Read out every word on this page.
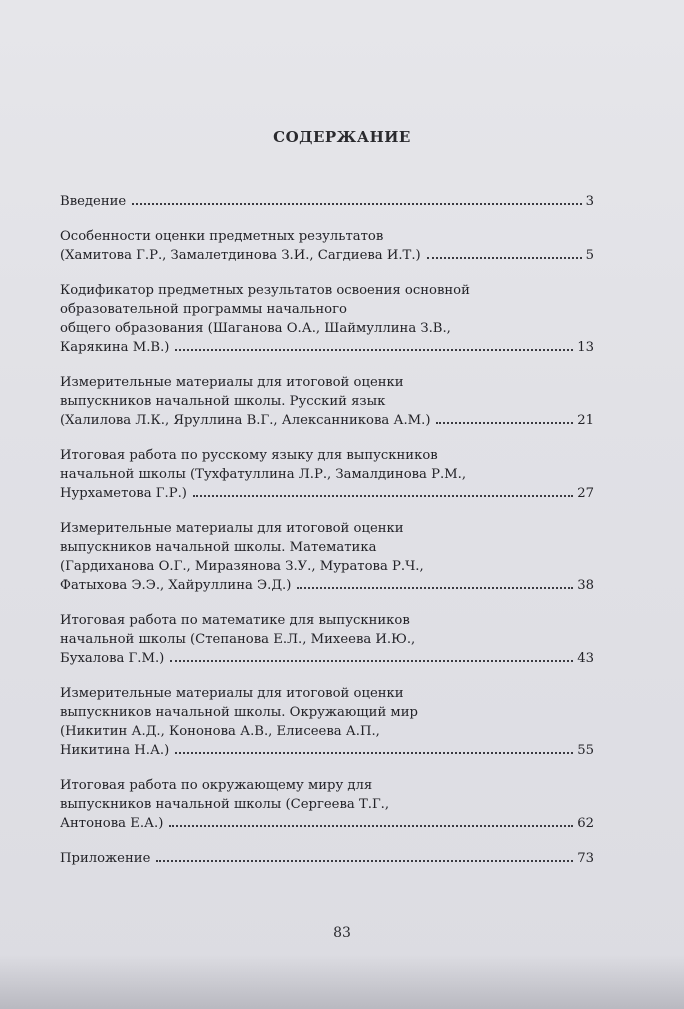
СОДЕРЖАНИЕ
Введение	3
Особенности оценки предметных результатов
(Хамитова Г.Р., Замалетдинова З.И., Сагдиева И.Т.)	5
Кодификатор предметных результатов освоения основной
образовательной программы начального
общего образования (Шаганова О.А., Шаймуллина З.В.,
Карякина М.В.)	13
Измерительные материалы для итоговой оценки
выпускников начальной школы. Русский язык
(Халилова Л.К., Яруллина В.Г., Алексанникова А.М.)	21
Итоговая работа по русскому языку для выпускников
начальной школы (Тухфатуллина Л.Р., Замалдинова Р.М.,
Нурхаметова Г.Р.)	27
Измерительные материалы для итоговой оценки
выпускников начальной школы. Математика
(Гардиханова О.Г., Миразянова З.У., Муратова Р.Ч.,
Фатыхова Э.Э., Хайруллина Э.Д.)	38
Итоговая работа по математике для выпускников
начальной школы (Степанова Е.Л., Михеева И.Ю.,
Бухалова Г.М.)	43
Измерительные материалы для итоговой оценки
выпускников начальной школы. Окружающий мир
(Никитин А.Д., Кононова А.В., Елисеева А.П.,
Никитина Н.А.)	55
Итоговая работа по окружающему миру для
выпускников начальной школы (Сергеева Т.Г.,
Антонова Е.А.)	62
Приложение	73
83
